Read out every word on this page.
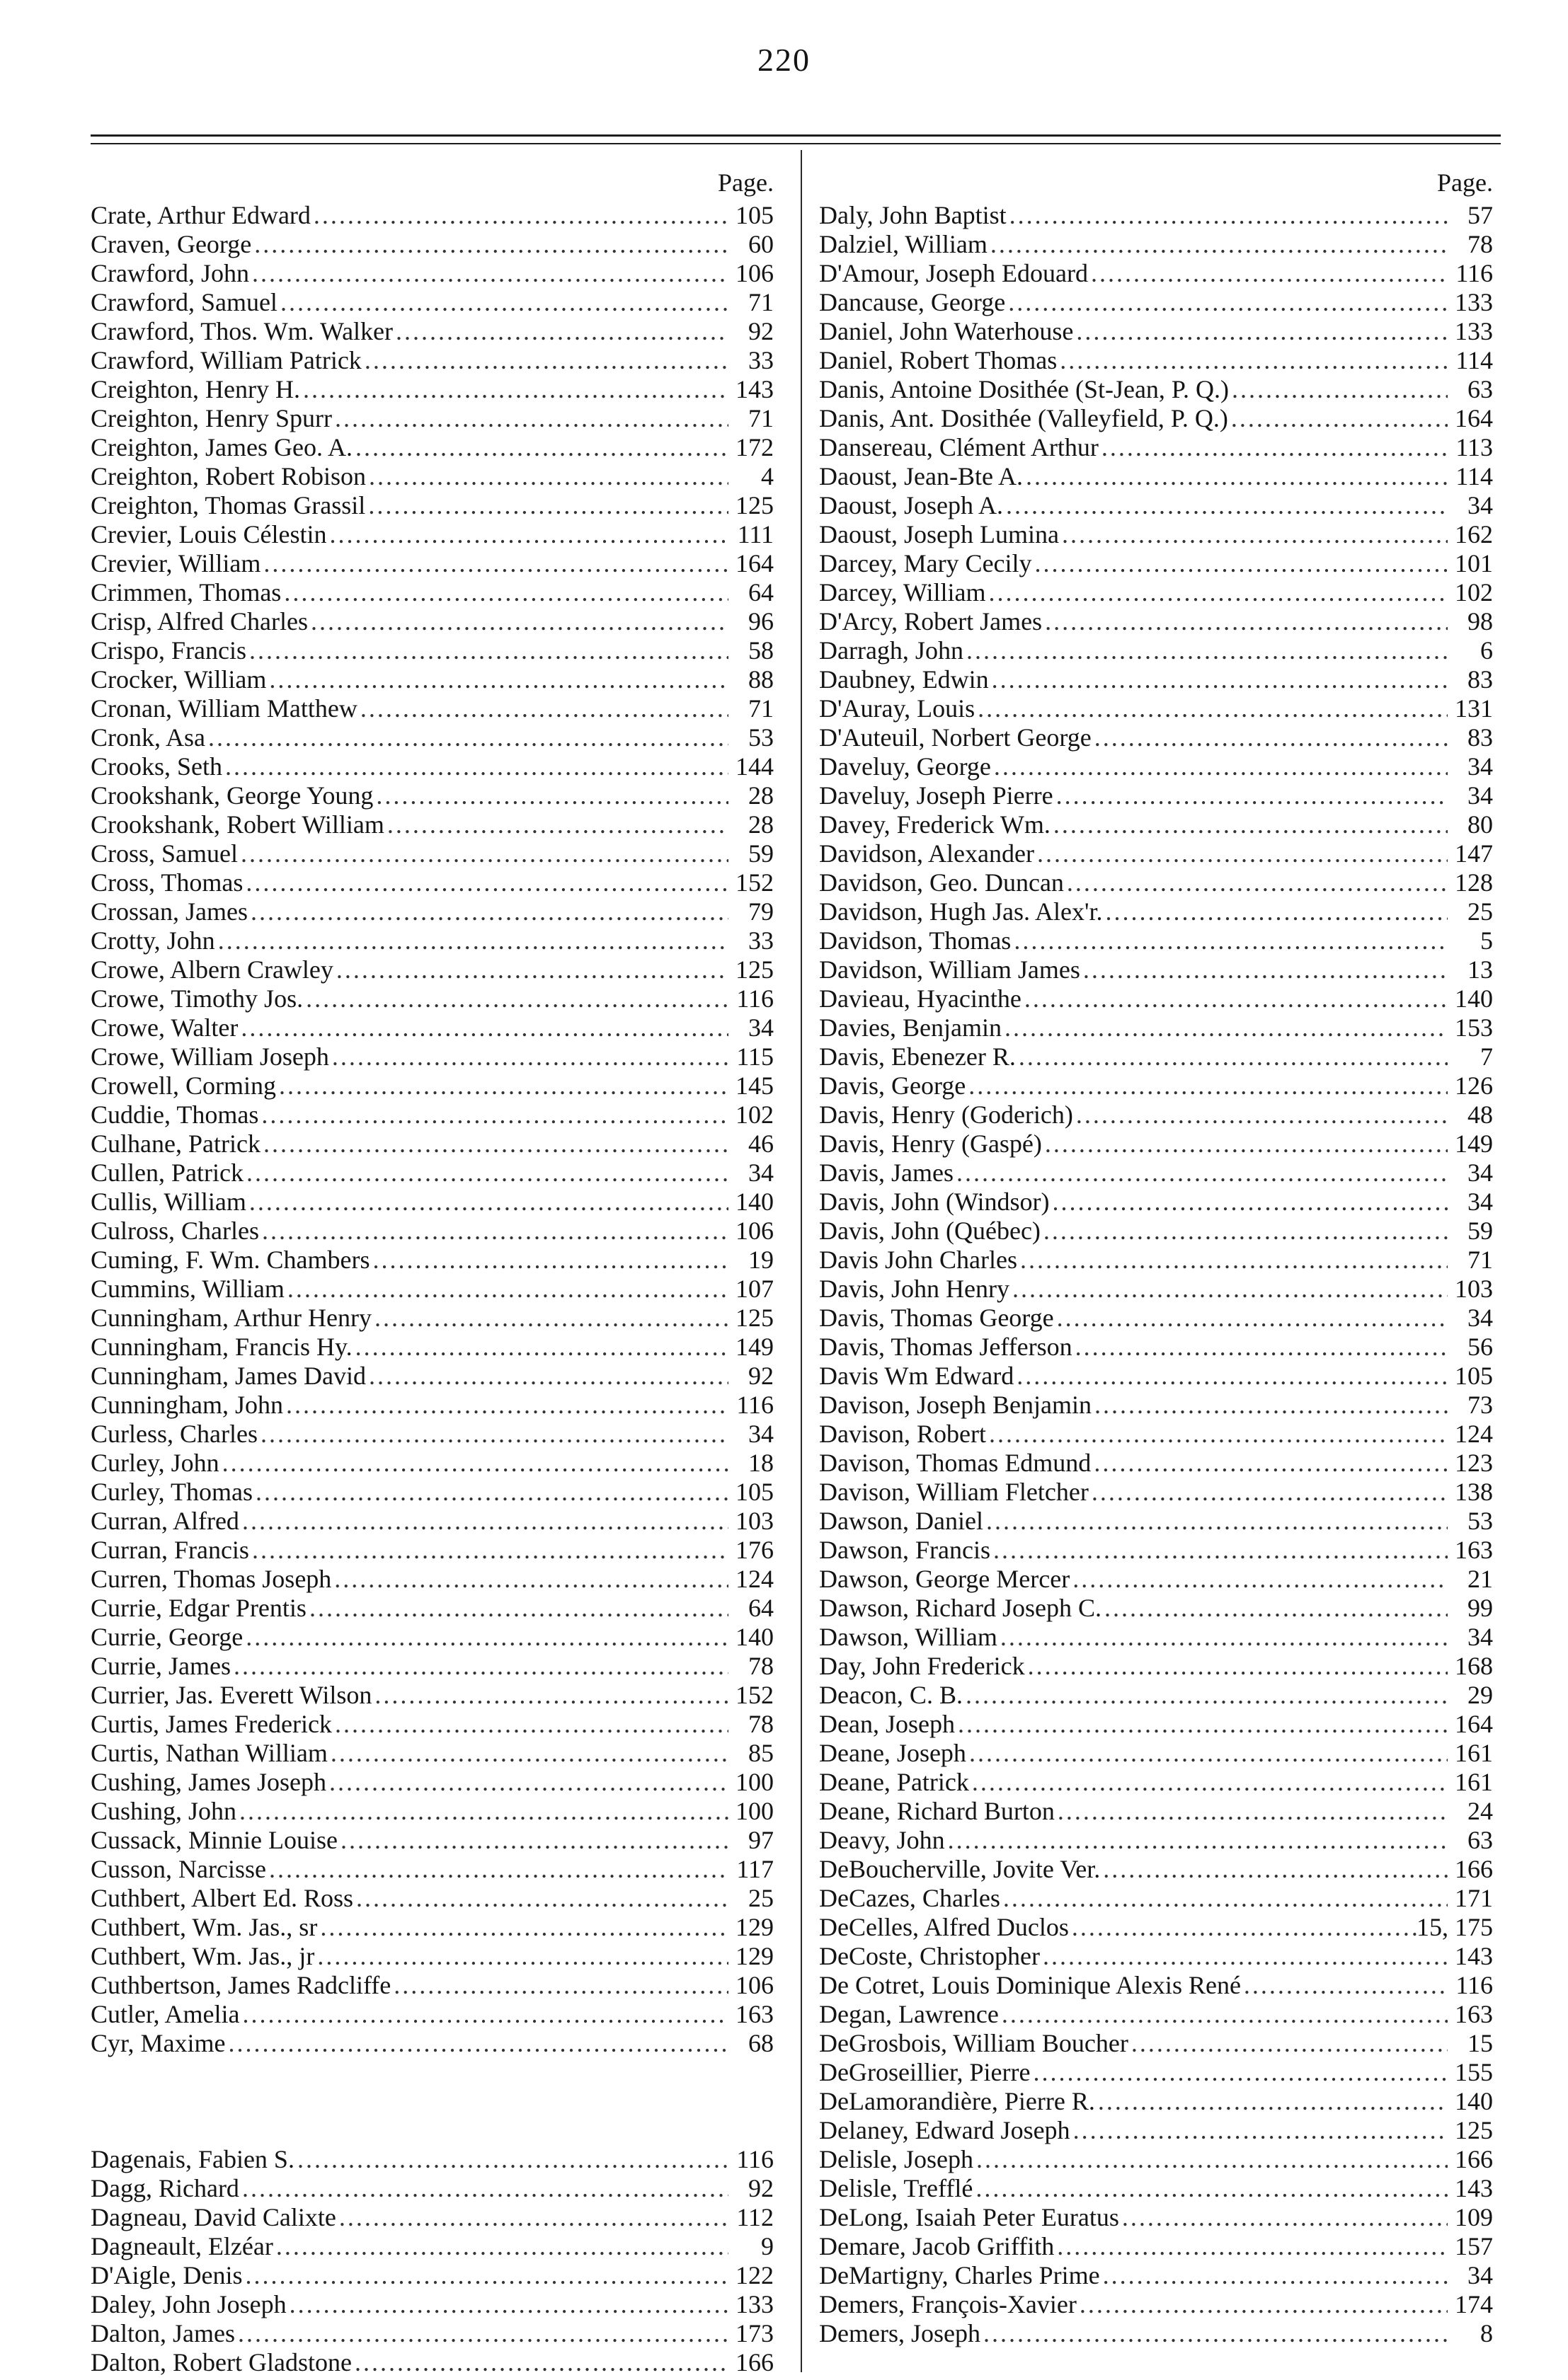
220
Page.
Crate, Arthur Edward . . .	105
Craven, George . . .	60
Crawford, John . . .	106
Crawford, Samuel . . .	71
Crawford, Thos. Wm. Walker . . .	92
Crawford, William Patrick . . .	33
Creighton, Henry H. . . .	143
Creighton, Henry Spurr . . .	71
Creighton, James Geo. A. . . .	172
Creighton, Robert Robison . . .	4
Creighton, Thomas Grassil . . .	125
Crevier, Louis Célestin . . .	111
Crevier, William . . .	164
Crimmen, Thomas . . .	64
Crisp, Alfred Charles . . .	96
Crispo, Francis . . .	58
Crocker, William . . .	88
Cronan, William Matthew . . .	71
Cronk, Asa . . .	53
Crooks, Seth . . .	144
Crookshank, George Young . . .	28
Crookshank, Robert William . . .	28
Cross, Samuel . . .	59
Cross, Thomas . . .	152
Crossan, James . . .	79
Crotty, John . . .	33
Crowe, Albern Crawley . . .	125
Crowe, Timothy Jos. . . .	116
Crowe, Walter . . .	34
Crowe, William Joseph . . .	115
Crowell, Corming . . .	145
Cuddie, Thomas . . .	102
Culhane, Patrick . . .	46
Cullen, Patrick . . .	34
Cullis, William . . .	140
Culross, Charles . . .	106
Cuming, F. Wm. Chambers . . .	19
Cummins, William . . .	107
Cunningham, Arthur Henry . . .	125
Cunningham, Francis Hy. . . .	149
Cunningham, James David . . .	92
Cunningham, John . . .	116
Curless, Charles . . .	34
Curley, John . . .	18
Curley, Thomas . . .	105
Curran, Alfred . . .	103
Curran, Francis . . .	176
Curren, Thomas Joseph . . .	124
Currie, Edgar Prentis . . .	64
Currie, George . . .	140
Currie, James . . .	78
Currier, Jas. Everett Wilson . . .	152
Curtis, James Frederick . . .	78
Curtis, Nathan William . . .	85
Cushing, James Joseph . . .	100
Cushing, John . . .	100
Cussack, Minnie Louise . . .	97
Cusson, Narcisse . . .	117
Cuthbert, Albert Ed. Ross . . .	25
Cuthbert, Wm. Jas., sr . . .	129
Cuthbert, Wm. Jas., jr . . .	129
Cuthbertson, James Radcliffe . . .	106
Cutler, Amelia . . .	163
Cyr, Maxime . . .	68
Dagenais, Fabien S. . . .	116
Dagg, Richard . . .	92
Dagneau, David Calixte . . .	112
Dagneault, Elzéar . . .	9
D'Aigle, Denis . . .	122
Daley, John Joseph . . .	133
Dalton, James . . .	173
Dalton, Robert Gladstone . . .	166
Page.
Daly, John Baptist . . .	57
Dalziel, William . . .	78
D'Amour, Joseph Edouard . . .	116
Dancause, George . . .	133
Daniel, John Waterhouse . . .	133
Daniel, Robert Thomas . . .	114
Danis, Antoine Dosithée (St-Jean, P. Q.) . . .	63
Danis, Ant. Dosithée (Valleyfield, P. Q.) . . .	164
Dansereau, Clément Arthur . . .	113
Daoust, Jean-Bte A. . . .	114
Daoust, Joseph A. . . .	34
Daoust, Joseph Lumina . . .	162
Darcey, Mary Cecily . . .	101
Darcey, William . . .	102
D'Arcy, Robert James . . .	98
Darragh, John . . .	6
Daubney, Edwin . . .	83
D'Auray, Louis . . .	131
D'Auteuil, Norbert George . . .	83
Daveluy, George . . .	34
Daveluy, Joseph Pierre . . .	34
Davey, Frederick Wm. . . .	80
Davidson, Alexander . . .	147
Davidson, Geo. Duncan . . .	128
Davidson, Hugh Jas. Alex'r. . . .	25
Davidson, Thomas . . .	5
Davidson, William James . . .	13
Davieau, Hyacinthe . . .	140
Davies, Benjamin . . .	153
Davis, Ebenezer R. . . .	7
Davis, George . . .	126
Davis, Henry (Goderich) . . .	48
Davis, Henry (Gaspé) . . .	149
Davis, James . . .	34
Davis, John (Windsor) . . .	34
Davis, John (Québec) . . .	59
Davis John Charles . . .	71
Davis, John Henry . . .	103
Davis, Thomas George . . .	34
Davis, Thomas Jefferson . . .	56
Davis Wm Edward . . .	105
Davison, Joseph Benjamin . . .	73
Davison, Robert . . .	124
Davison, Thomas Edmund . . .	123
Davison, William Fletcher . . .	138
Dawson, Daniel . . .	53
Dawson, Francis . . .	163
Dawson, George Mercer . . .	21
Dawson, Richard Joseph C. . . .	99
Dawson, William . . .	34
Day, John Frederick . . .	168
Deacon, C. B. . . .	29
Dean, Joseph . . .	164
Deane, Joseph . . .	161
Deane, Patrick . . .	161
Deane, Richard Burton . . .	24
Deavy, John . . .	63
DeBoucherville, Jovite Ver. . . .	166
DeCazes, Charles . . .	171
DeCelles, Alfred Duclos . . .	15, 175
DeCoste, Christopher . . .	143
De Cotret, Louis Dominique Alexis René . . .	116
Degan, Lawrence . . .	163
DeGrosbois, William Boucher . . .	15
DeGroseillier, Pierre . . .	155
DeLamorandière, Pierre R. . . .	140
Delaney, Edward Joseph . . .	125
Delisle, Joseph . . .	166
Delisle, Trefflé . . .	143
DeLong, Isaiah Peter Euratus . . .	109
Demare, Jacob Griffith . . .	157
DeMartigny, Charles Prime . . .	34
Demers, François-Xavier . . .	174
Demers, Joseph . . .	8
